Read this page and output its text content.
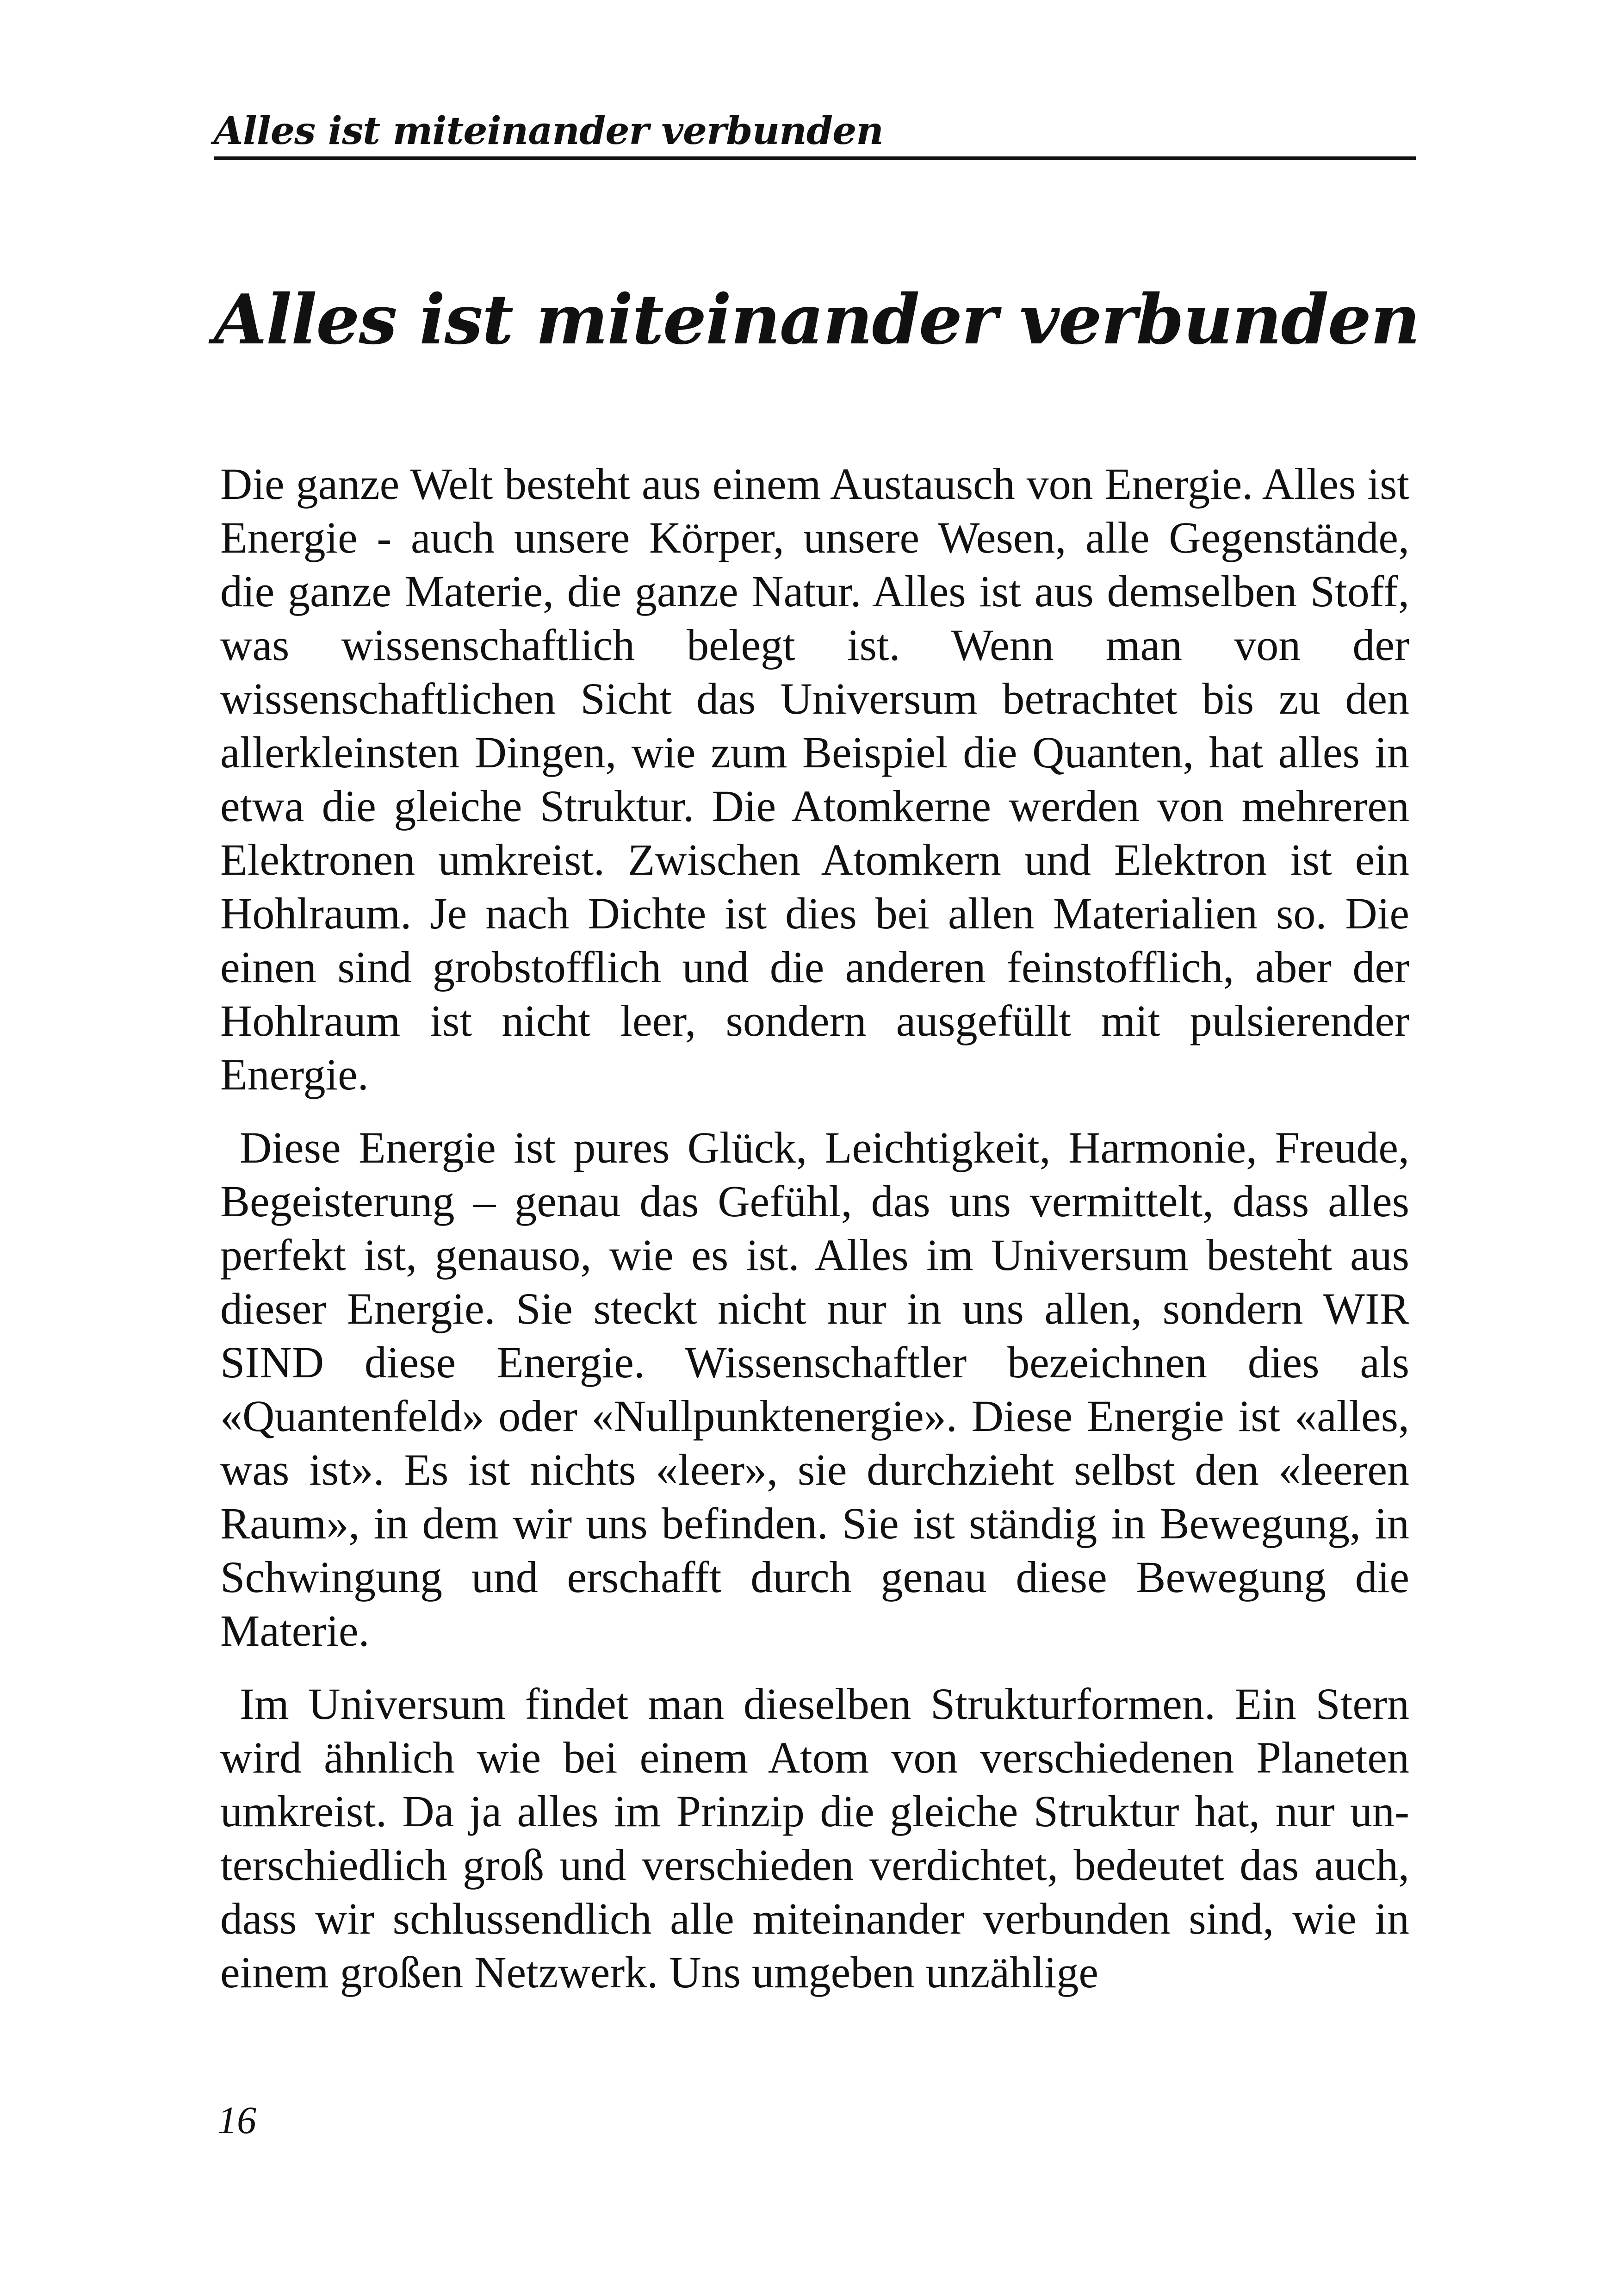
Alles ist miteinander verbunden
Alles ist miteinander verbunden

Die ganze Welt besteht aus einem Austausch von Energie. Alles ist Energie - auch unsere Körper, unsere Wesen, alle Gegenstände, die ganze Materie, die ganze Natur. Alles ist aus demselben Stoff, was wissenschaftlich belegt ist. Wenn man von der wissenschaftlichen Sicht das Universum betrachtet bis zu den allerkleinsten Dingen, wie zum Beispiel die Quanten, hat alles in etwa die gleiche Struktur. Die Atomkerne werden von mehreren Elektronen umkreist. Zwischen Atomkern und Elektron ist ein Hohlraum. Je nach Dichte ist dies bei allen Materialien so. Die einen sind grobstofflich und die anderen feinstofflich, aber der Hohlraum ist nicht leer, sondern ausgefüllt mit pulsierender Energie.

Diese Energie ist pures Glück, Leichtigkeit, Harmonie, Freude, Begeisterung – genau das Gefühl, das uns vermittelt, dass alles perfekt ist, genauso, wie es ist. Alles im Universum besteht aus dieser Energie. Sie steckt nicht nur in uns allen, sondern WIR SIND diese Energie. Wissenschaftler bezeichnen dies als «Quantenfeld» oder «Nullpunktenergie». Diese Energie ist «alles, was ist». Es ist nichts «leer», sie durchzieht selbst den «leeren Raum», in dem wir uns befinden. Sie ist ständig in Bewegung, in Schwingung und erschafft durch genau diese Bewegung die Materie.

Im Universum findet man dieselben Strukturformen. Ein Stern wird ähnlich wie bei einem Atom von verschiedenen Planeten umkreist. Da ja alles im Prinzip die gleiche Struktur hat, nur unterschiedlich groß und verschieden verdichtet, bedeutet das auch, dass wir schlussendlich alle miteinander verbunden sind, wie in einem großen Netzwerk. Uns umgeben unzählige

16
